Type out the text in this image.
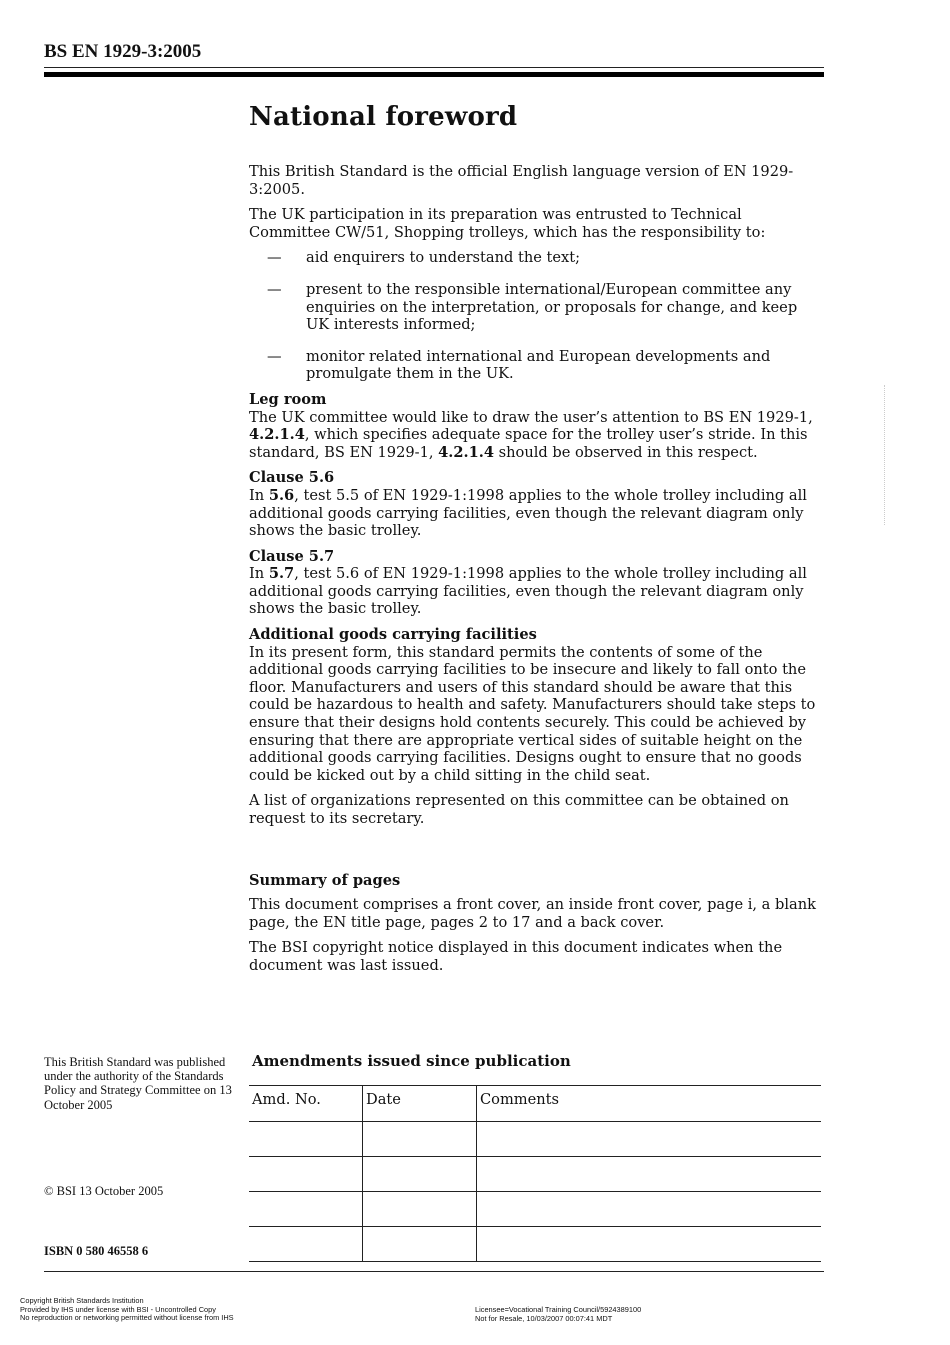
BS EN 1929-3:2005
National foreword

This British Standard is the official English language version of EN 1929-3:2005.

The UK participation in its preparation was entrusted to Technical Committee CW/51, Shopping trolleys, which has the responsibility to:

— aid enquirers to understand the text;
— present to the responsible international/European committee any enquiries on the interpretation, or proposals for change, and keep UK interests informed;
— monitor related international and European developments and promulgate them in the UK.
Leg room
The UK committee would like to draw the user’s attention to BS EN 1929-1, 4.2.1.4, which specifies adequate space for the trolley user’s stride. In this standard, BS EN 1929-1, 4.2.1.4 should be observed in this respect.
Clause 5.6
In 5.6, test 5.5 of EN 1929-1:1998 applies to the whole trolley including all additional goods carrying facilities, even though the relevant diagram only shows the basic trolley.
Clause 5.7
In 5.7, test 5.6 of EN 1929-1:1998 applies to the whole trolley including all additional goods carrying facilities, even though the relevant diagram only shows the basic trolley.
Additional goods carrying facilities
In its present form, this standard permits the contents of some of the additional goods carrying facilities to be insecure and likely to fall onto the floor. Manufacturers and users of this standard should be aware that this could be hazardous to health and safety. Manufacturers should take steps to ensure that their designs hold contents securely. This could be achieved by ensuring that there are appropriate vertical sides of suitable height on the additional goods carrying facilities. Designs ought to ensure that no goods could be kicked out by a child sitting in the child seat.

A list of organizations represented on this committee can be obtained on request to its secretary.

Summary of pages

This document comprises a front cover, an inside front cover, page i, a blank page, the EN title page, pages 2 to 17 and a back cover.

The BSI copyright notice displayed in this document indicates when the document was last issued.

This British Standard was published under the authority of the Standards Policy and Strategy Committee on 13 October 2005
© BSI 13 October 2005
ISBN 0 580 46558 6
Amendments issued since publication
Amd. No.	Date	Comments

Copyright British Standards Institution
Provided by IHS under license with BSI - Uncontrolled Copy
No reproduction or networking permitted without license from IHS
Licensee=Vocational Training Council/5924389100
Not for Resale, 10/03/2007 00:07:41 MDT
